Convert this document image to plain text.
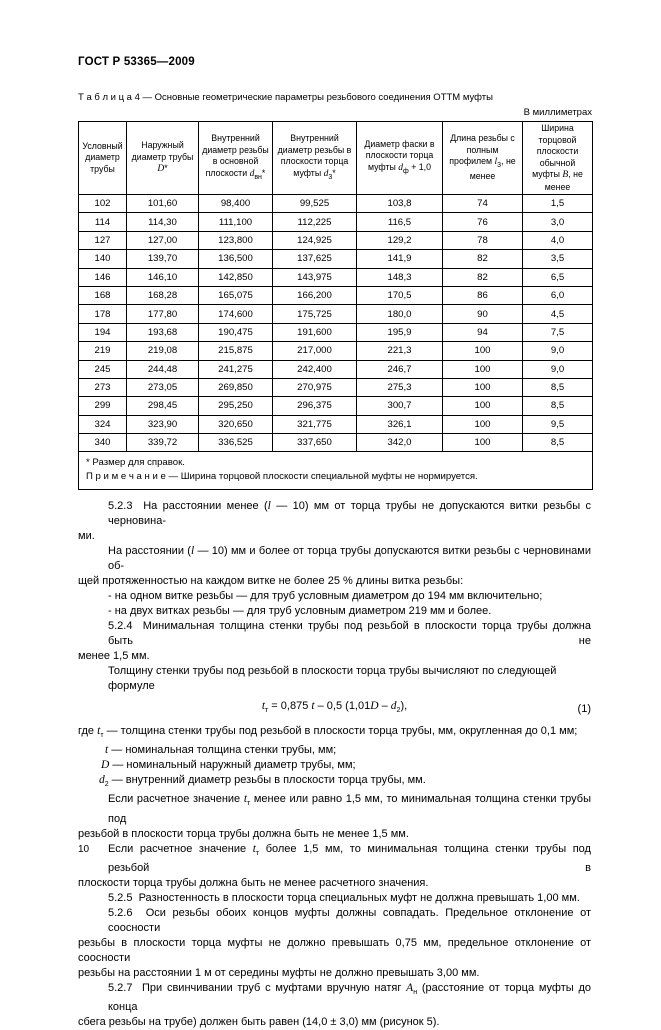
ГОСТ Р 53365—2009
Т а б л и ц а 4 — Основные геометрические параметры резьбового соединения ОТТМ муфты
В миллиметрах
Условный диаметр трубы	Наружный диаметр трубы D*	Внутренний диаметр резьбы в основной плоскости $d_{вн}*$	Внутренний диаметр резьбы в плоскости торца муфты $d_3*$	Диаметр фаски в плоскости торца муфты $d_ф + 1,0$	Длина резьбы с полным профилем $l_3$, не менее	Ширина торцовой плоскости обычной муфты B, не менее
102	101,60	98,400	99,525	103,8	74	1,5
114	114,30	111,100	112,225	116,5	76	3,0
127	127,00	123,800	124,925	129,2	78	4,0
140	139,70	136,500	137,625	141,9	82	3,5
146	146,10	142,850	143,975	148,3	82	6,5
168	168,28	165,075	166,200	170,5	86	6,0
178	177,80	174,600	175,725	180,0	90	4,5
194	193,68	190,475	191,600	195,9	94	7,5
219	219,08	215,875	217,000	221,3	100	9,0
245	244,48	241,275	242,400	246,7	100	9,0
273	273,05	269,850	270,975	275,3	100	8,5
299	298,45	295,250	296,375	300,7	100	8,5
324	323,90	320,650	321,775	326,1	100	9,5
340	339,72	336,525	337,650	342,0	100	8,5

* Размер для справок.
П р и м е ч а н и е — Ширина торцовой плоскости специальной муфты не нормируется.						
5.2.3  На расстоянии менее (l — 10) мм от торца трубы не допускаются витки резьбы с черновина-
ми.
На расстоянии (l — 10) мм и более от торца трубы допускаются витки резьбы с черновинами об-
щей протяженностью на каждом витке не более 25 % длины витка резьбы:
- на одном витке резьбы — для труб условным диаметром до 194 мм включительно;
- на двух витках резьбы — для труб условным диаметром 219 мм и более.
5.2.4  Минимальная толщина стенки трубы под резьбой в плоскости торца трубы должна быть не
менее 1,5 мм.
Толщину стенки трубы под резьбой в плоскости торца трубы вычисляют по следующей формуле
$t_т = 0,875$ t – 0,5 $(1,01D - d_2)$,	(1)
где $t_т$ — толщина стенки трубы под резьбой в плоскости торца трубы, мм, округленная до 0,1 мм;
t — номинальная толщина стенки трубы, мм;
D — номинальный наружный диаметр трубы, мм;
$d_2$ — внутренний диаметр резьбы в плоскости торца трубы, мм.
Если расчетное значение $t_т$ менее или равно 1,5 мм, то минимальная толщина стенки трубы под
резьбой в плоскости торца трубы должна быть не менее 1,5 мм.
Если расчетное значение $t_т$ более 1,5 мм, то минимальная толщина стенки трубы под резьбой в
плоскости торца трубы должна быть не менее расчетного значения.
5.2.5  Разностенность в плоскости торца специальных муфт не должна превышать 1,00 мм.
5.2.6  Оси резьбы обоих концов муфты должны совпадать. Предельное отклонение от соосности
резьбы в плоскости торца муфты не должно превышать 0,75 мм, предельное отклонение от соосности
резьбы на расстоянии 1 м от середины муфты не должно превышать 3,00 мм.
5.2.7  При свинчивании труб с муфтами вручную натяг $A_н$ (расстояние от торца муфты до конца
сбега резьбы на трубе) должен быть равен (14,0 ± 3,0) мм (рисунок 5).
10
